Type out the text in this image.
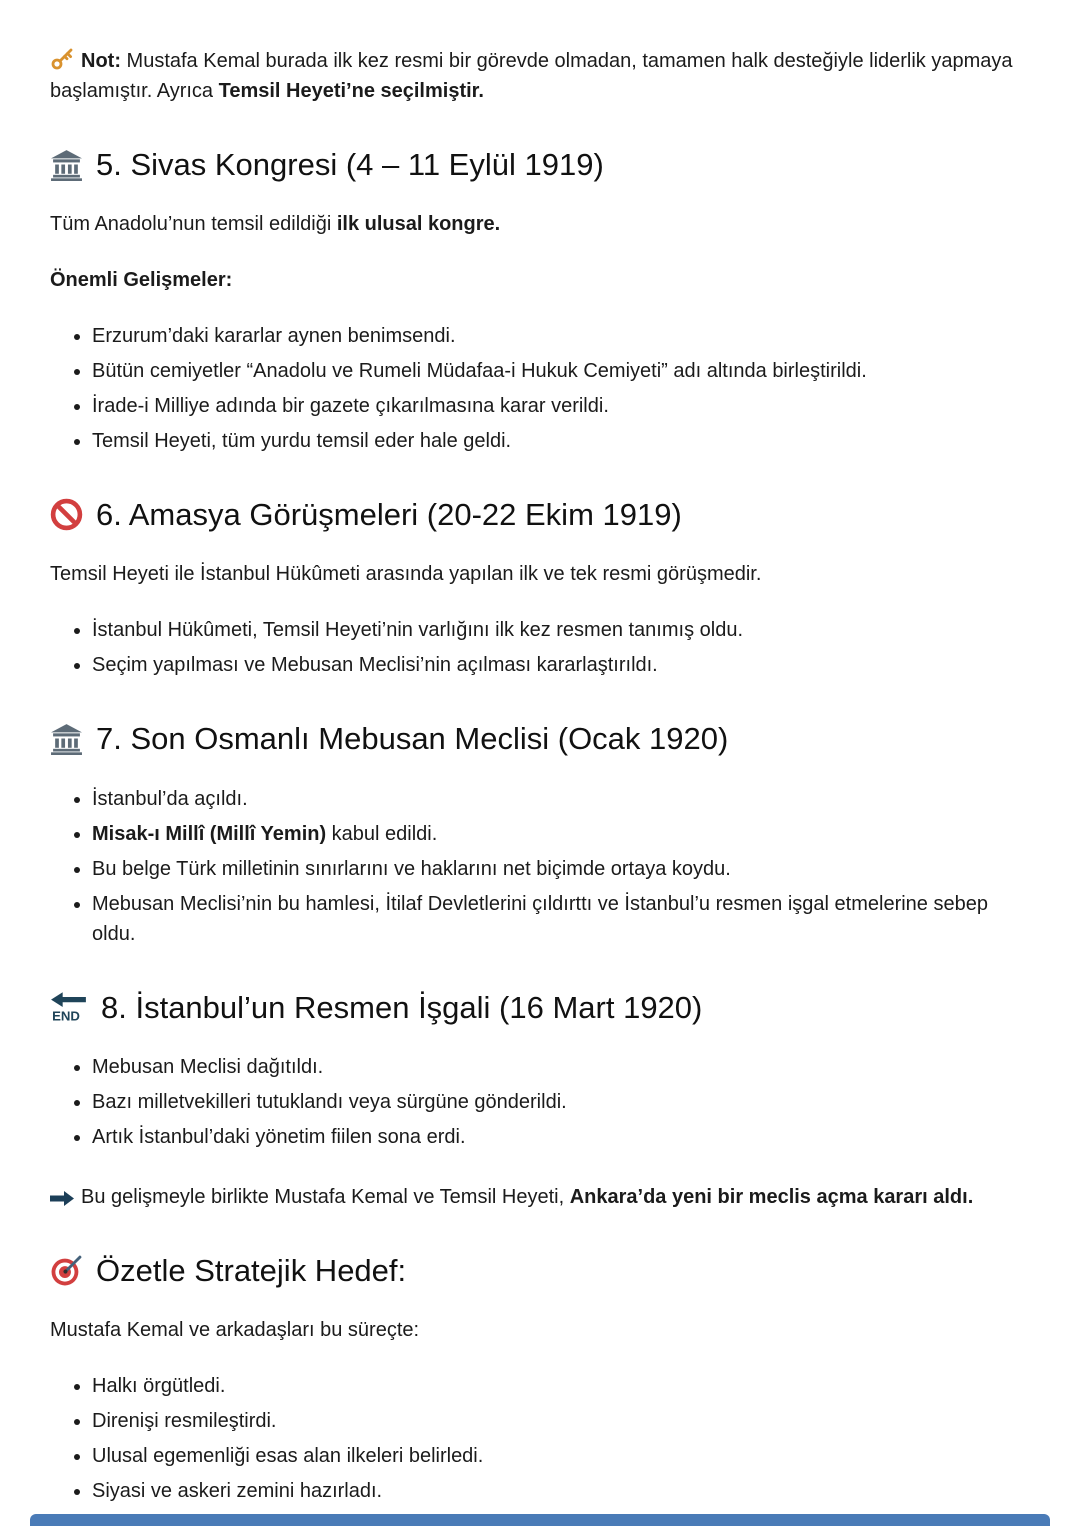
Not: Mustafa Kemal burada ilk kez resmi bir görevde olmadan, tamamen halk desteğiyle liderlik yapmaya başlamıştır. Ayrıca Temsil Heyeti’ne seçilmiştir.

5. Sivas Kongresi (4 – 11 Eylül 1919)

Tüm Anadolu’nun temsil edildiği ilk ulusal kongre.

Önemli Gelişmeler:

• Erzurum’daki kararlar aynen benimsendi.
• Bütün cemiyetler “Anadolu ve Rumeli Müdafaa-i Hukuk Cemiyeti” adı altında birleştirildi.
• İrade-i Milliye adında bir gazete çıkarılmasına karar verildi.
• Temsil Heyeti, tüm yurdu temsil eder hale geldi.
6. Amasya Görüşmeleri (20-22 Ekim 1919)

Temsil Heyeti ile İstanbul Hükûmeti arasında yapılan ilk ve tek resmi görüşmedir.

• İstanbul Hükûmeti, Temsil Heyeti’nin varlığını ilk kez resmen tanımış oldu.
• Seçim yapılması ve Mebusan Meclisi’nin açılması kararlaştırıldı.
7. Son Osmanlı Mebusan Meclisi (Ocak 1920)
• İstanbul’da açıldı.
• Misak-ı Millî (Millî Yemin) kabul edildi.
• Bu belge Türk milletinin sınırlarını ve haklarını net biçimde ortaya koydu.
• Mebusan Meclisi’nin bu hamlesi, İtilaf Devletlerini çıldırttı ve İstanbul’u resmen işgal etmelerine sebep oldu.
END 8. İstanbul’un Resmen İşgali (16 Mart 1920)
• Mebusan Meclisi dağıtıldı.
• Bazı milletvekilleri tutuklandı veya sürgüne gönderildi.
• Artık İstanbul’daki yönetim fiilen sona erdi.

Bu gelişmeyle birlikte Mustafa Kemal ve Temsil Heyeti, Ankara’da yeni bir meclis açma kararı aldı.

Özetle Stratejik Hedef:

Mustafa Kemal ve arkadaşları bu süreçte:

• Halkı örgütledi.
• Direnişi resmileştirdi.
• Ulusal egemenliği esas alan ilkeleri belirledi.
• Siyasi ve askeri zemini hazırladı.
